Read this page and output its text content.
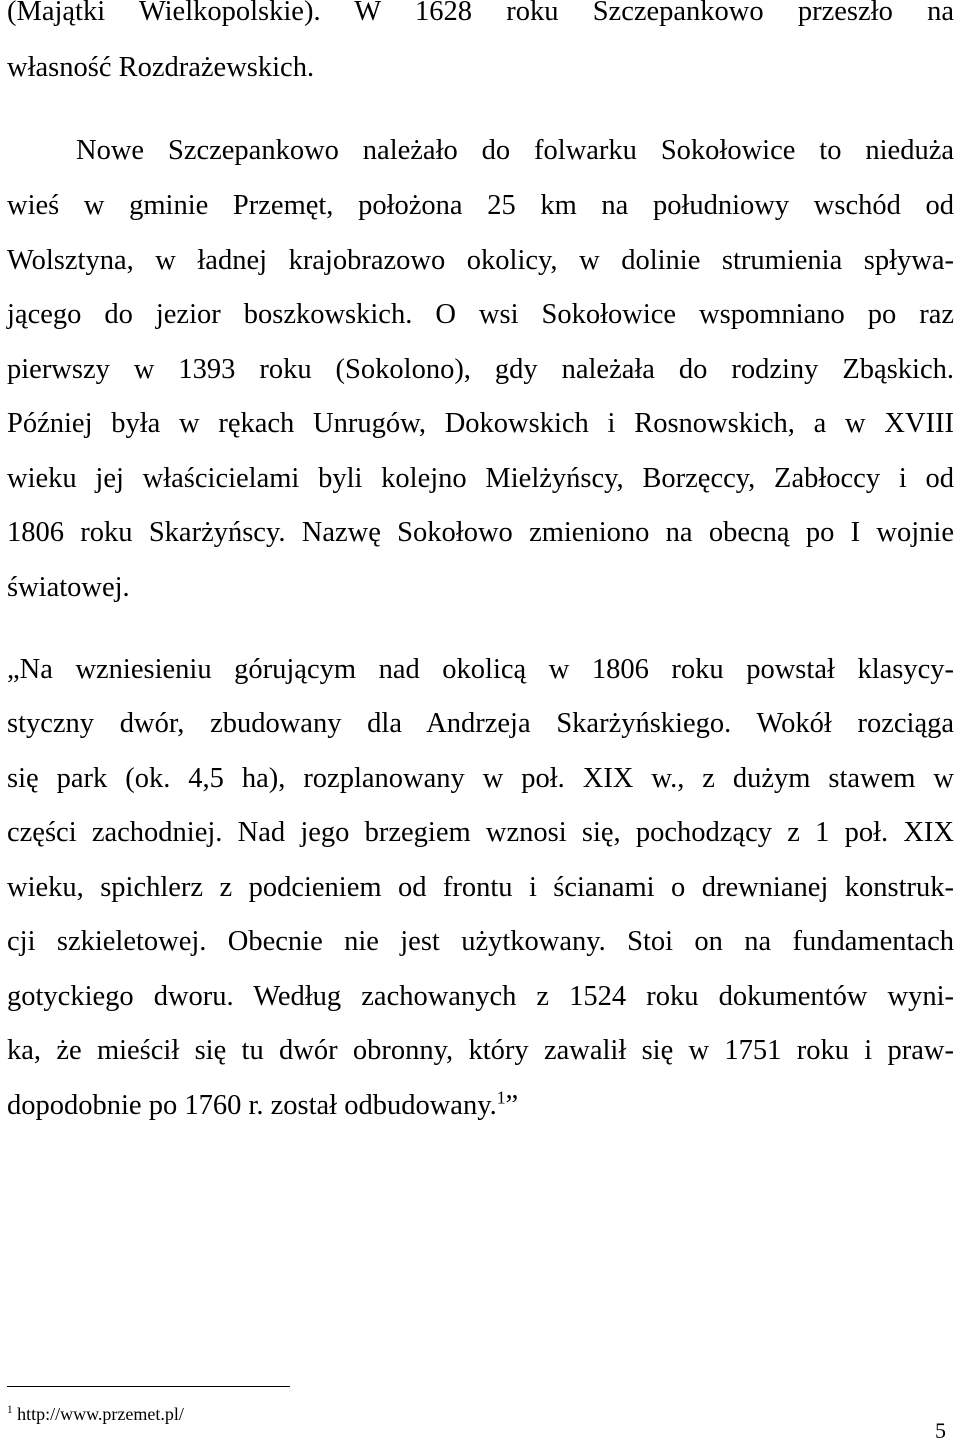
(Majątki Wielkopolskie). W 1628 roku Szczepankowo przeszło na
własność Rozdrażewskich.
Nowe Szczepankowo należało do folwarku Sokołowice to nieduża
wieś w gminie Przemęt, położona 25 km na południowy wschód od
Wolsztyna, w ładnej krajobrazowo okolicy, w dolinie strumienia spływa-
jącego do jezior boszkowskich. O wsi Sokołowice wspomniano po raz
pierwszy w 1393 roku (Sokolono), gdy należała do rodziny Zbąskich.
Później była w rękach Unrugów, Dokowskich i Rosnowskich, a w XVIII
wieku jej właścicielami byli kolejno Mielżyńscy, Borzęccy, Zabłoccy i od
1806 roku Skarżyńscy. Nazwę Sokołowo zmieniono na obecną po I wojnie
światowej.
„Na wzniesieniu górującym nad okolicą w 1806 roku powstał klasycy-
styczny dwór, zbudowany dla Andrzeja Skarżyńskiego. Wokół rozciąga
się park (ok. 4,5 ha), rozplanowany w poł. XIX w., z dużym stawem w
części zachodniej. Nad jego brzegiem wznosi się, pochodzący z 1 poł. XIX
wieku, spichlerz z podcieniem od frontu i ścianami o drewnianej konstruk-
cji szkieletowej. Obecnie nie jest użytkowany. Stoi on na fundamentach
gotyckiego dworu. Według zachowanych z 1524 roku dokumentów wyni-
ka, że mieścił się tu dwór obronny, który zawalił się w 1751 roku i praw-
dopodobnie po 1760 r. został odbudowany.$^1$”
$^1$ http://www.przemet.pl/
5
